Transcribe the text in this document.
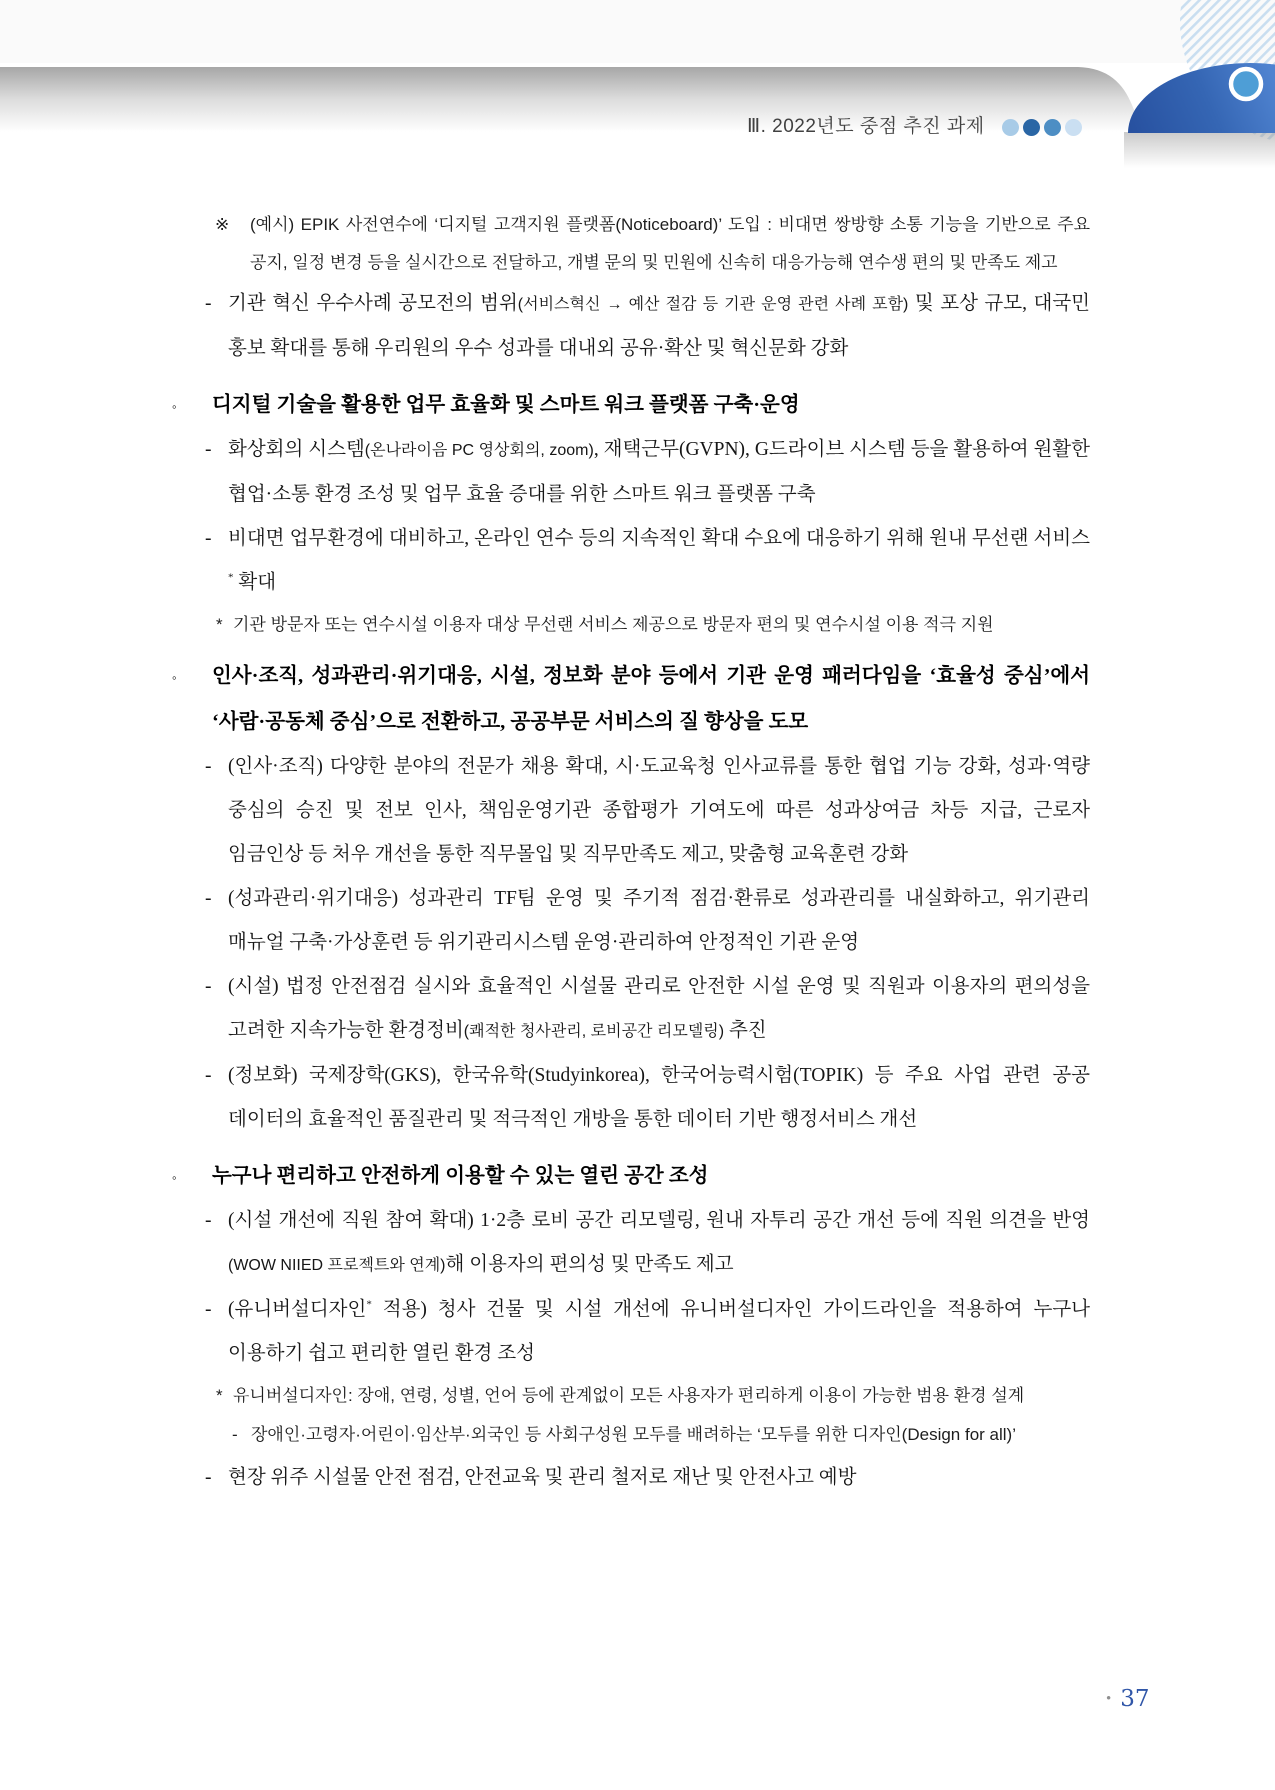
Ⅲ. 2022년도 중점 추진 과제
※ (예시) EPIK 사전연수에 ‘디지털 고객지원 플랫폼(Noticeboard)’ 도입 : 비대면 쌍방향 소통 기능을 기반으로 주요 공지, 일정 변경 등을 실시간으로 전달하고, 개별 문의 및 민원에 신속히 대응가능해 연수생 편의 및 만족도 제고
- 기관 혁신 우수사례 공모전의 범위(서비스혁신 → 예산 절감 등 기관 운영 관련 사례 포함) 및 포상 규모, 대국민 홍보 확대를 통해 우리원의 우수 성과를 대내외 공유·확산 및 혁신문화 강화
◦ 디지털 기술을 활용한 업무 효율화 및 스마트 워크 플랫폼 구축·운영
- 화상회의 시스템(온나라이음 PC 영상회의, zoom), 재택근무(GVPN), G드라이브 시스템 등을 활용하여 원활한 협업·소통 환경 조성 및 업무 효율 증대를 위한 스마트 워크 플랫폼 구축
- 비대면 업무환경에 대비하고, 온라인 연수 등의 지속적인 확대 수요에 대응하기 위해 원내 무선랜 서비스* 확대
* 기관 방문자 또는 연수시설 이용자 대상 무선랜 서비스 제공으로 방문자 편의 및 연수시설 이용 적극 지원
◦ 인사·조직, 성과관리·위기대응, 시설, 정보화 분야 등에서 기관 운영 패러다임을 ‘효율성 중심’에서 ‘사람·공동체 중심’으로 전환하고, 공공부문 서비스의 질 향상을 도모
- (인사·조직) 다양한 분야의 전문가 채용 확대, 시·도교육청 인사교류를 통한 협업 기능 강화, 성과·역량 중심의 승진 및 전보 인사, 책임운영기관 종합평가 기여도에 따른 성과상여금 차등 지급, 근로자 임금인상 등 처우 개선을 통한 직무몰입 및 직무만족도 제고, 맞춤형 교육훈련 강화
- (성과관리·위기대응) 성과관리 TF팀 운영 및 주기적 점검·환류로 성과관리를 내실화하고, 위기관리 매뉴얼 구축·가상훈련 등 위기관리시스템 운영·관리하여 안정적인 기관 운영
- (시설) 법정 안전점검 실시와 효율적인 시설물 관리로 안전한 시설 운영 및 직원과 이용자의 편의성을 고려한 지속가능한 환경정비(쾌적한 청사관리, 로비공간 리모델링) 추진
- (정보화) 국제장학(GKS), 한국유학(Studyinkorea), 한국어능력시험(TOPIK) 등 주요 사업 관련 공공 데이터의 효율적인 품질관리 및 적극적인 개방을 통한 데이터 기반 행정서비스 개선
◦ 누구나 편리하고 안전하게 이용할 수 있는 열린 공간 조성
- (시설 개선에 직원 참여 확대) 1·2층 로비 공간 리모델링, 원내 자투리 공간 개선 등에 직원 의견을 반영(WOW NIIED 프로젝트와 연계)해 이용자의 편의성 및 만족도 제고
- (유니버설디자인* 적용) 청사 건물 및 시설 개선에 유니버설디자인 가이드라인을 적용하여 누구나 이용하기 쉽고 편리한 열린 환경 조성
* 유니버설디자인: 장애, 연령, 성별, 언어 등에 관계없이 모든 사용자가 편리하게 이용이 가능한 범용 환경 설계
- 장애인·고령자·어린이·임산부·외국인 등 사회구성원 모두를 배려하는 ‘모두를 위한 디자인(Design for all)’
- 현장 위주 시설물 안전 점검, 안전교육 및 관리 철저로 재난 및 안전사고 예방
• 37
